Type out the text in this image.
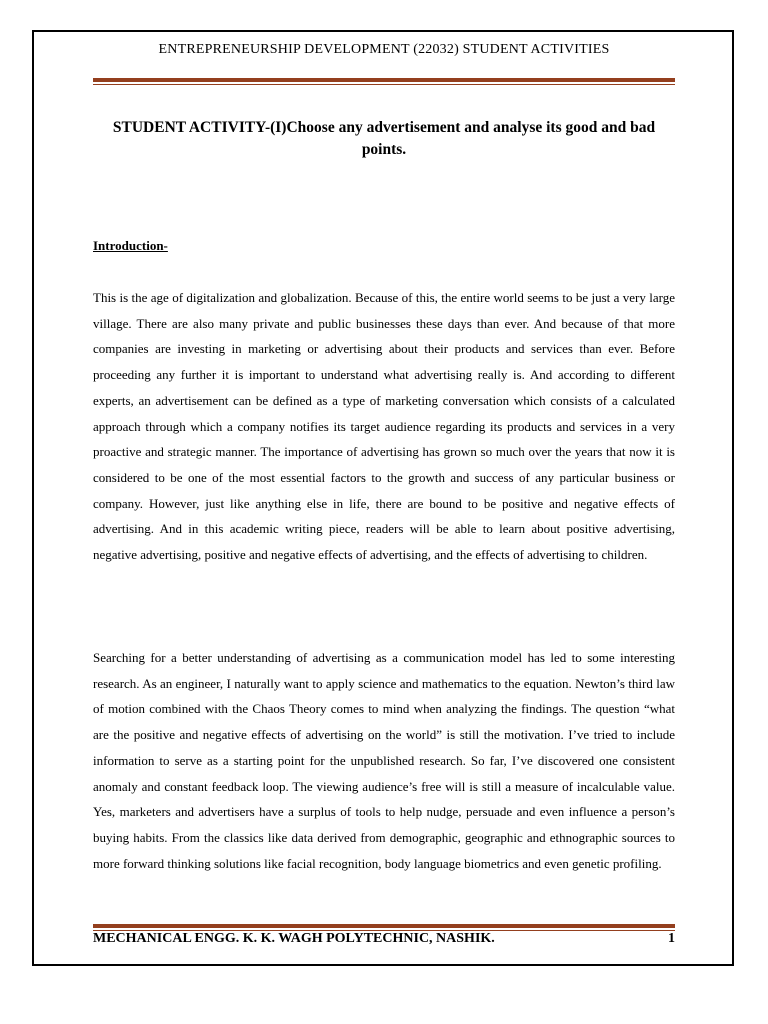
ENTREPRENEURSHIP DEVELOPMENT (22032) STUDENT ACTIVITIES
STUDENT ACTIVITY-(I)Choose any advertisement and analyse its good and bad points.
Introduction-

This is the age of digitalization and globalization. Because of this, the entire world seems to be just a very large village. There are also many private and public businesses these days than ever. And because of that more companies are investing in marketing or advertising about their products and services than ever. Before proceeding any further it is important to understand what advertising really is. And according to different experts, an advertisement can be defined as a type of marketing conversation which consists of a calculated approach through which a company notifies its target audience regarding its products and services in a very proactive and strategic manner. The importance of advertising has grown so much over the years that now it is considered to be one of the most essential factors to the growth and success of any particular business or company. However, just like anything else in life, there are bound to be positive and negative effects of advertising. And in this academic writing piece, readers will be able to learn about positive advertising, negative advertising, positive and negative effects of advertising, and the effects of advertising to children.

Searching for a better understanding of advertising as a communication model has led to some interesting research. As an engineer, I naturally want to apply science and mathematics to the equation. Newton’s third law of motion combined with the Chaos Theory comes to mind when analyzing the findings. The question “what are the positive and negative effects of advertising on the world” is still the motivation. I’ve tried to include information to serve as a starting point for the unpublished research. So far, I’ve discovered one consistent anomaly and constant feedback loop. The viewing audience’s free will is still a measure of incalculable value. Yes, marketers and advertisers have a surplus of tools to help nudge, persuade and even influence a person’s buying habits. From the classics like data derived from demographic, geographic and ethnographic sources to more forward thinking solutions like facial recognition, body language biometrics and even genetic profiling.

MECHANICAL ENGG. K. K. WAGH POLYTECHNIC, NASHIK.	1
